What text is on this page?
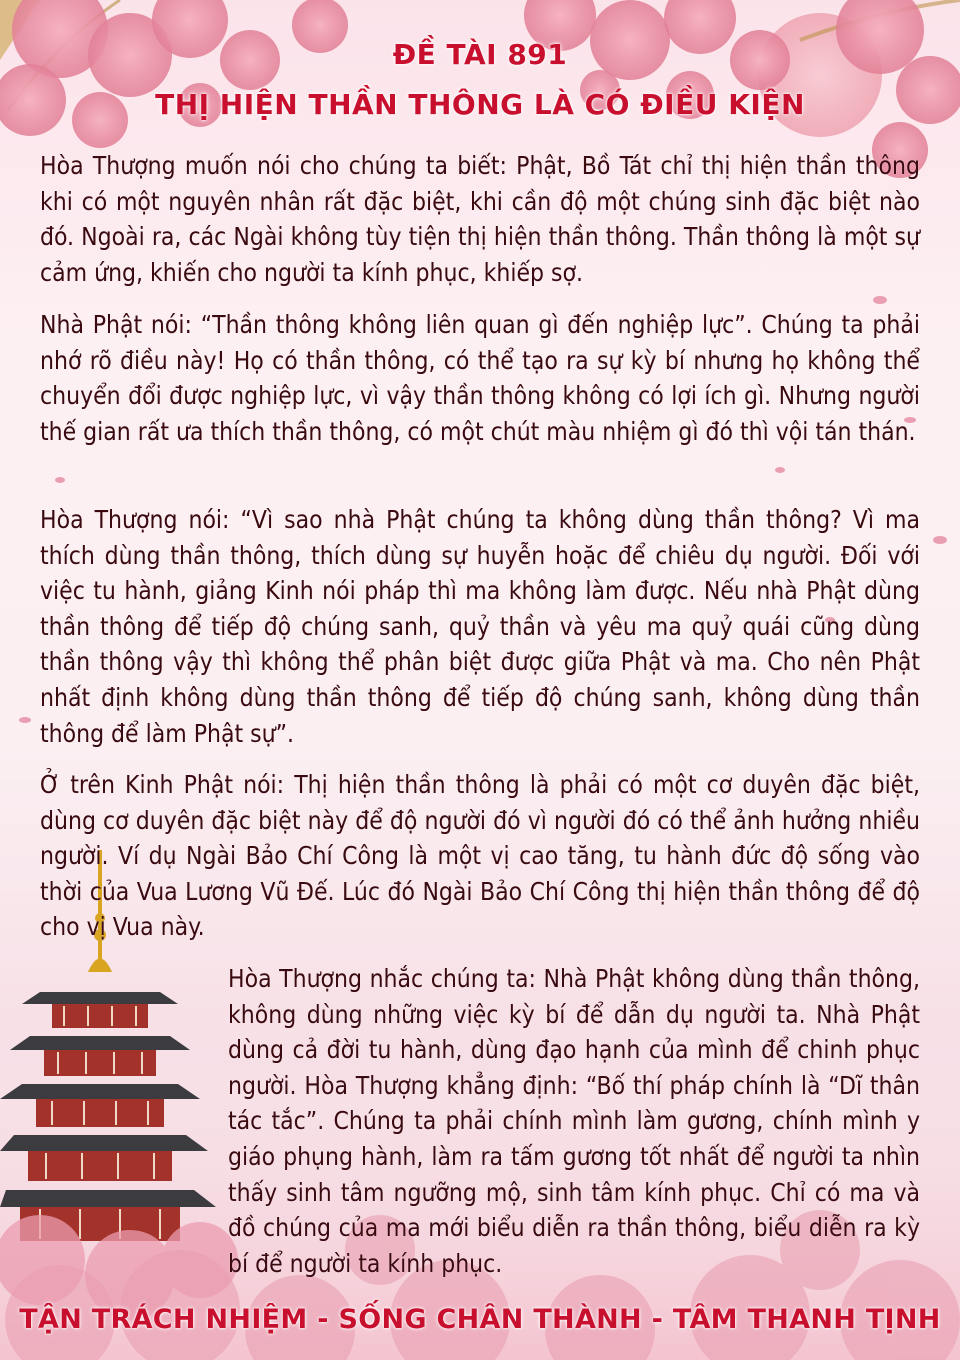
ĐỀ TÀI 891
THỊ HIỆN THẦN THÔNG LÀ CÓ ĐIỀU KIỆN

Hòa Thượng muốn nói cho chúng ta biết: Phật, Bồ Tát chỉ thị hiện thần thông khi có một nguyên nhân rất đặc biệt, khi cần độ một chúng sinh đặc biệt nào đó. Ngoài ra, các Ngài không tùy tiện thị hiện thần thông. Thần thông là một sự cảm ứng, khiến cho người ta kính phục, khiếp sợ.

Nhà Phật nói: “Thần thông không liên quan gì đến nghiệp lực”. Chúng ta phải nhớ rõ điều này! Họ có thần thông, có thể tạo ra sự kỳ bí nhưng họ không thể chuyển đổi được nghiệp lực, vì vậy thần thông không có lợi ích gì. Nhưng người thế gian rất ưa thích thần thông, có một chút màu nhiệm gì đó thì vội tán thán.

Hòa Thượng nói: “Vì sao nhà Phật chúng ta không dùng thần thông? Vì ma thích dùng thần thông, thích dùng sự huyễn hoặc để chiêu dụ người. Đối với việc tu hành, giảng Kinh nói pháp thì ma không làm được. Nếu nhà Phật dùng thần thông để tiếp độ chúng sanh, quỷ thần và yêu ma quỷ quái cũng dùng thần thông vậy thì không thể phân biệt được giữa Phật và ma. Cho nên Phật nhất định không dùng thần thông để tiếp độ chúng sanh, không dùng thần thông để làm Phật sự”.

Ở trên Kinh Phật nói: Thị hiện thần thông là phải có một cơ duyên đặc biệt, dùng cơ duyên đặc biệt này để độ người đó vì người đó có thể ảnh hưởng nhiều người. Ví dụ Ngài Bảo Chí Công là một vị cao tăng, tu hành đức độ sống vào thời của Vua Lương Vũ Đế. Lúc đó Ngài Bảo Chí Công thị hiện thần thông để độ cho vị Vua này.

Hòa Thượng nhắc chúng ta: Nhà Phật không dùng thần thông, không dùng những việc kỳ bí để dẫn dụ người ta. Nhà Phật dùng cả đời tu hành, dùng đạo hạnh của mình để chinh phục người. Hòa Thượng khẳng định: “Bố thí pháp chính là “Dĩ thân tác tắc”. Chúng ta phải chính mình làm gương, chính mình y giáo phụng hành, làm ra tấm gương tốt nhất để người ta nhìn thấy sinh tâm ngưỡng mộ, sinh tâm kính phục. Chỉ có ma và đồ chúng của ma mới biểu diễn ra thần thông, biểu diễn ra kỳ bí để người ta kính phục.

TẬN TRÁCH NHIỆM - SỐNG CHÂN THÀNH - TÂM THANH TỊNH
